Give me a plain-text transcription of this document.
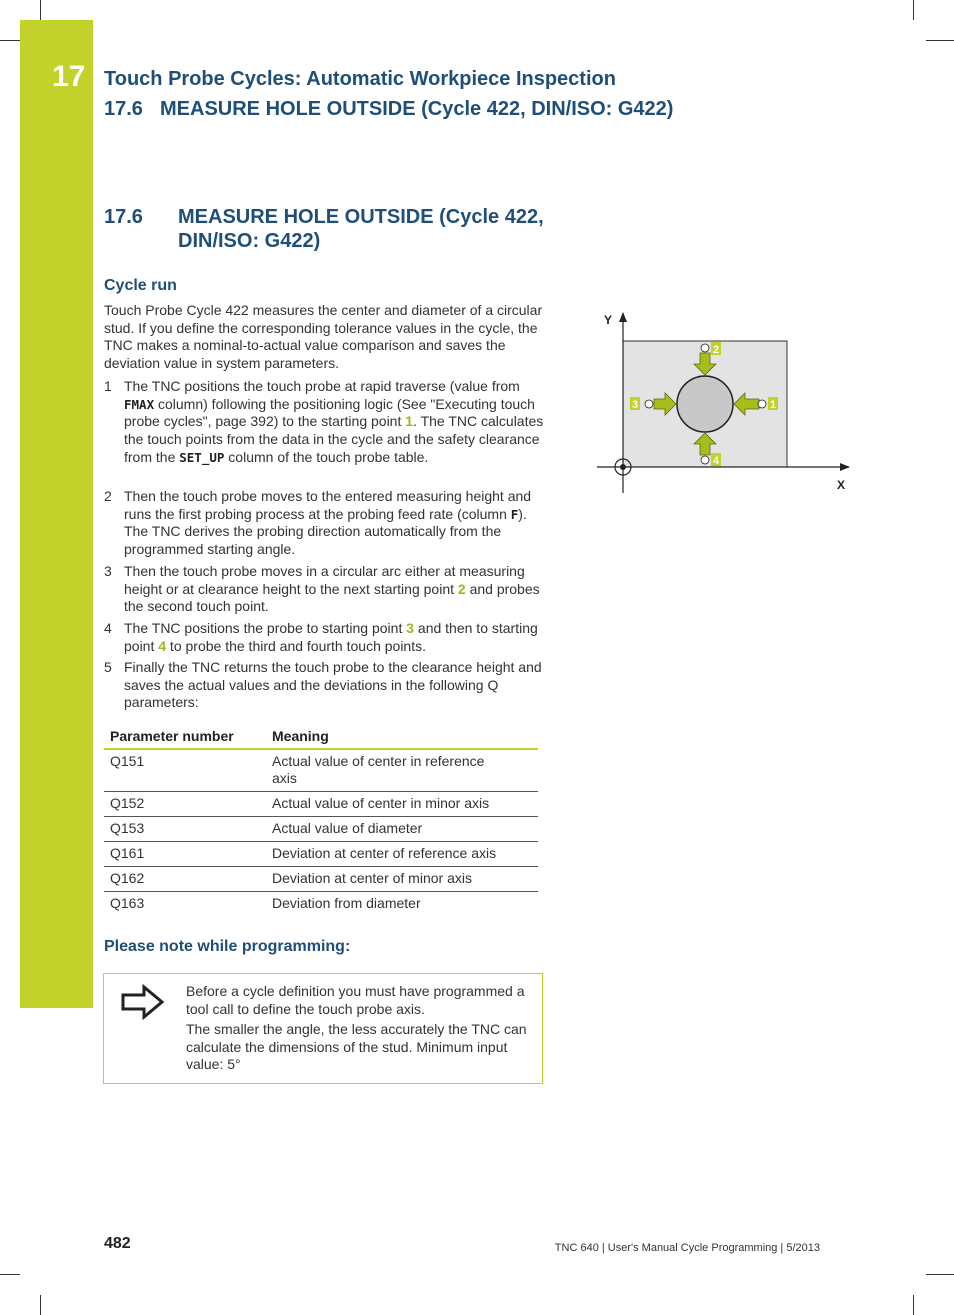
17 Touch Probe Cycles: Automatic Workpiece Inspection
17.6 MEASURE HOLE OUTSIDE (Cycle 422, DIN/ISO: G422)
17.6 MEASURE HOLE OUTSIDE (Cycle 422, DIN/ISO: G422)
Cycle run
Touch Probe Cycle 422 measures the center and diameter of a circular stud. If you define the corresponding tolerance values in the cycle, the TNC makes a nominal-to-actual value comparison and saves the deviation value in system parameters.
1 The TNC positions the touch probe at rapid traverse (value from FMAX column) following the positioning logic (See "Executing touch probe cycles", page 392) to the starting point 1. The TNC calculates the touch points from the data in the cycle and the safety clearance from the SET_UP column of the touch probe table.
2 Then the touch probe moves to the entered measuring height and runs the first probing process at the probing feed rate (column F). The TNC derives the probing direction automatically from the programmed starting angle.
3 Then the touch probe moves in a circular arc either at measuring height or at clearance height to the next starting point 2 and probes the second touch point.
4 The TNC positions the probe to starting point 3 and then to starting point 4 to probe the third and fourth touch points.
5 Finally the TNC returns the touch probe to the clearance height and saves the actual values and the deviations in the following Q parameters:
Parameter number	Meaning
Q151	Actual value of center in reference axis
Q152	Actual value of center in minor axis
Q153	Actual value of diameter
Q161	Deviation at center of reference axis
Q162	Deviation at center of minor axis
Q163	Deviation from diameter
Please note while programming:
Before a cycle definition you must have programmed a tool call to define the touch probe axis.
The smaller the angle, the less accurately the TNC can calculate the dimensions of the stud. Minimum input value: 5°
Y
X
1
2
3
4
482	TNC 640 | User's Manual Cycle Programming | 5/2013
